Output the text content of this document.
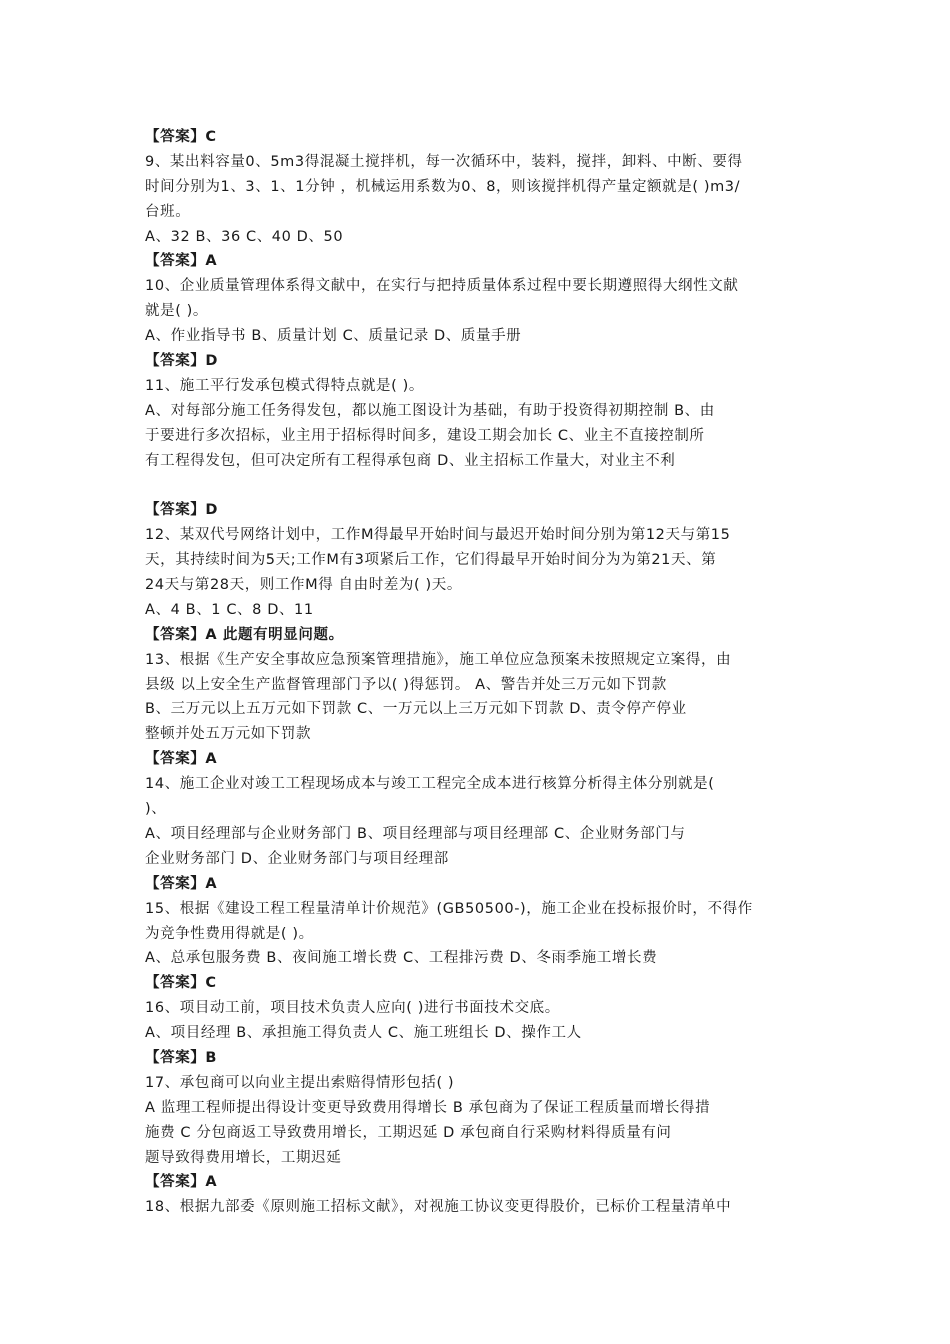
【答案】C
9、某出料容量0、5m3得混凝土搅拌机，每一次循环中，装料，搅拌，卸料、中断、要得
时间分别为1、3、1、1分钟 ，机械运用系数为0、8，则该搅拌机得产量定额就是( )m3/
台班。
A、32 B、36 C、40 D、50
【答案】A
10、企业质量管理体系得文献中，在实行与把持质量体系过程中要长期遵照得大纲性文献
就是( )。
A、作业指导书 B、质量计划 C、质量记录 D、质量手册
【答案】D
11、施工平行发承包模式得特点就是( )。
A、对每部分施工任务得发包，都以施工图设计为基础，有助于投资得初期控制 B、由
于要进行多次招标，业主用于招标得时间多，建设工期会加长 C、业主不直接控制所
有工程得发包，但可决定所有工程得承包商 D、业主招标工作量大，对业主不利
【答案】D
12、某双代号网络计划中，工作M得最早开始时间与最迟开始时间分别为第12天与第15
天，其持续时间为5天;工作M有3项紧后工作，它们得最早开始时间分为为第21天、第
24天与第28天，则工作M得 自由时差为( )天。
A、4 B、1 C、8 D、11
【答案】A 此题有明显问题。
13、根据《生产安全事故应急预案管理措施》，施工单位应急预案未按照规定立案得，由
县级 以上安全生产监督管理部门予以( )得惩罚。 A、警告并处三万元如下罚款
B、三万元以上五万元如下罚款 C、一万元以上三万元如下罚款 D、责令停产停业
整顿并处五万元如下罚款
【答案】A
14、施工企业对竣工工程现场成本与竣工工程完全成本进行核算分析得主体分别就是(
)、
A、项目经理部与企业财务部门 B、项目经理部与项目经理部 C、企业财务部门与
企业财务部门 D、企业财务部门与项目经理部
【答案】A
15、根据《建设工程工程量清单计价规范》(GB50500-)，施工企业在投标报价时，不得作
为竞争性费用得就是( )。
A、总承包服务费 B、夜间施工增长费 C、工程排污费 D、冬雨季施工增长费
【答案】C
16、项目动工前，项目技术负责人应向( )进行书面技术交底。
A、项目经理 B、承担施工得负责人 C、施工班组长 D、操作工人
【答案】B
17、承包商可以向业主提出索赔得情形包括( )
A 监理工程师提出得设计变更导致费用得增长 B 承包商为了保证工程质量而增长得措
施费 C 分包商返工导致费用增长，工期迟延 D 承包商自行采购材料得质量有问
题导致得费用增长，工期迟延
【答案】A
18、根据九部委《原则施工招标文献》，对视施工协议变更得股价，已标价工程量清单中
